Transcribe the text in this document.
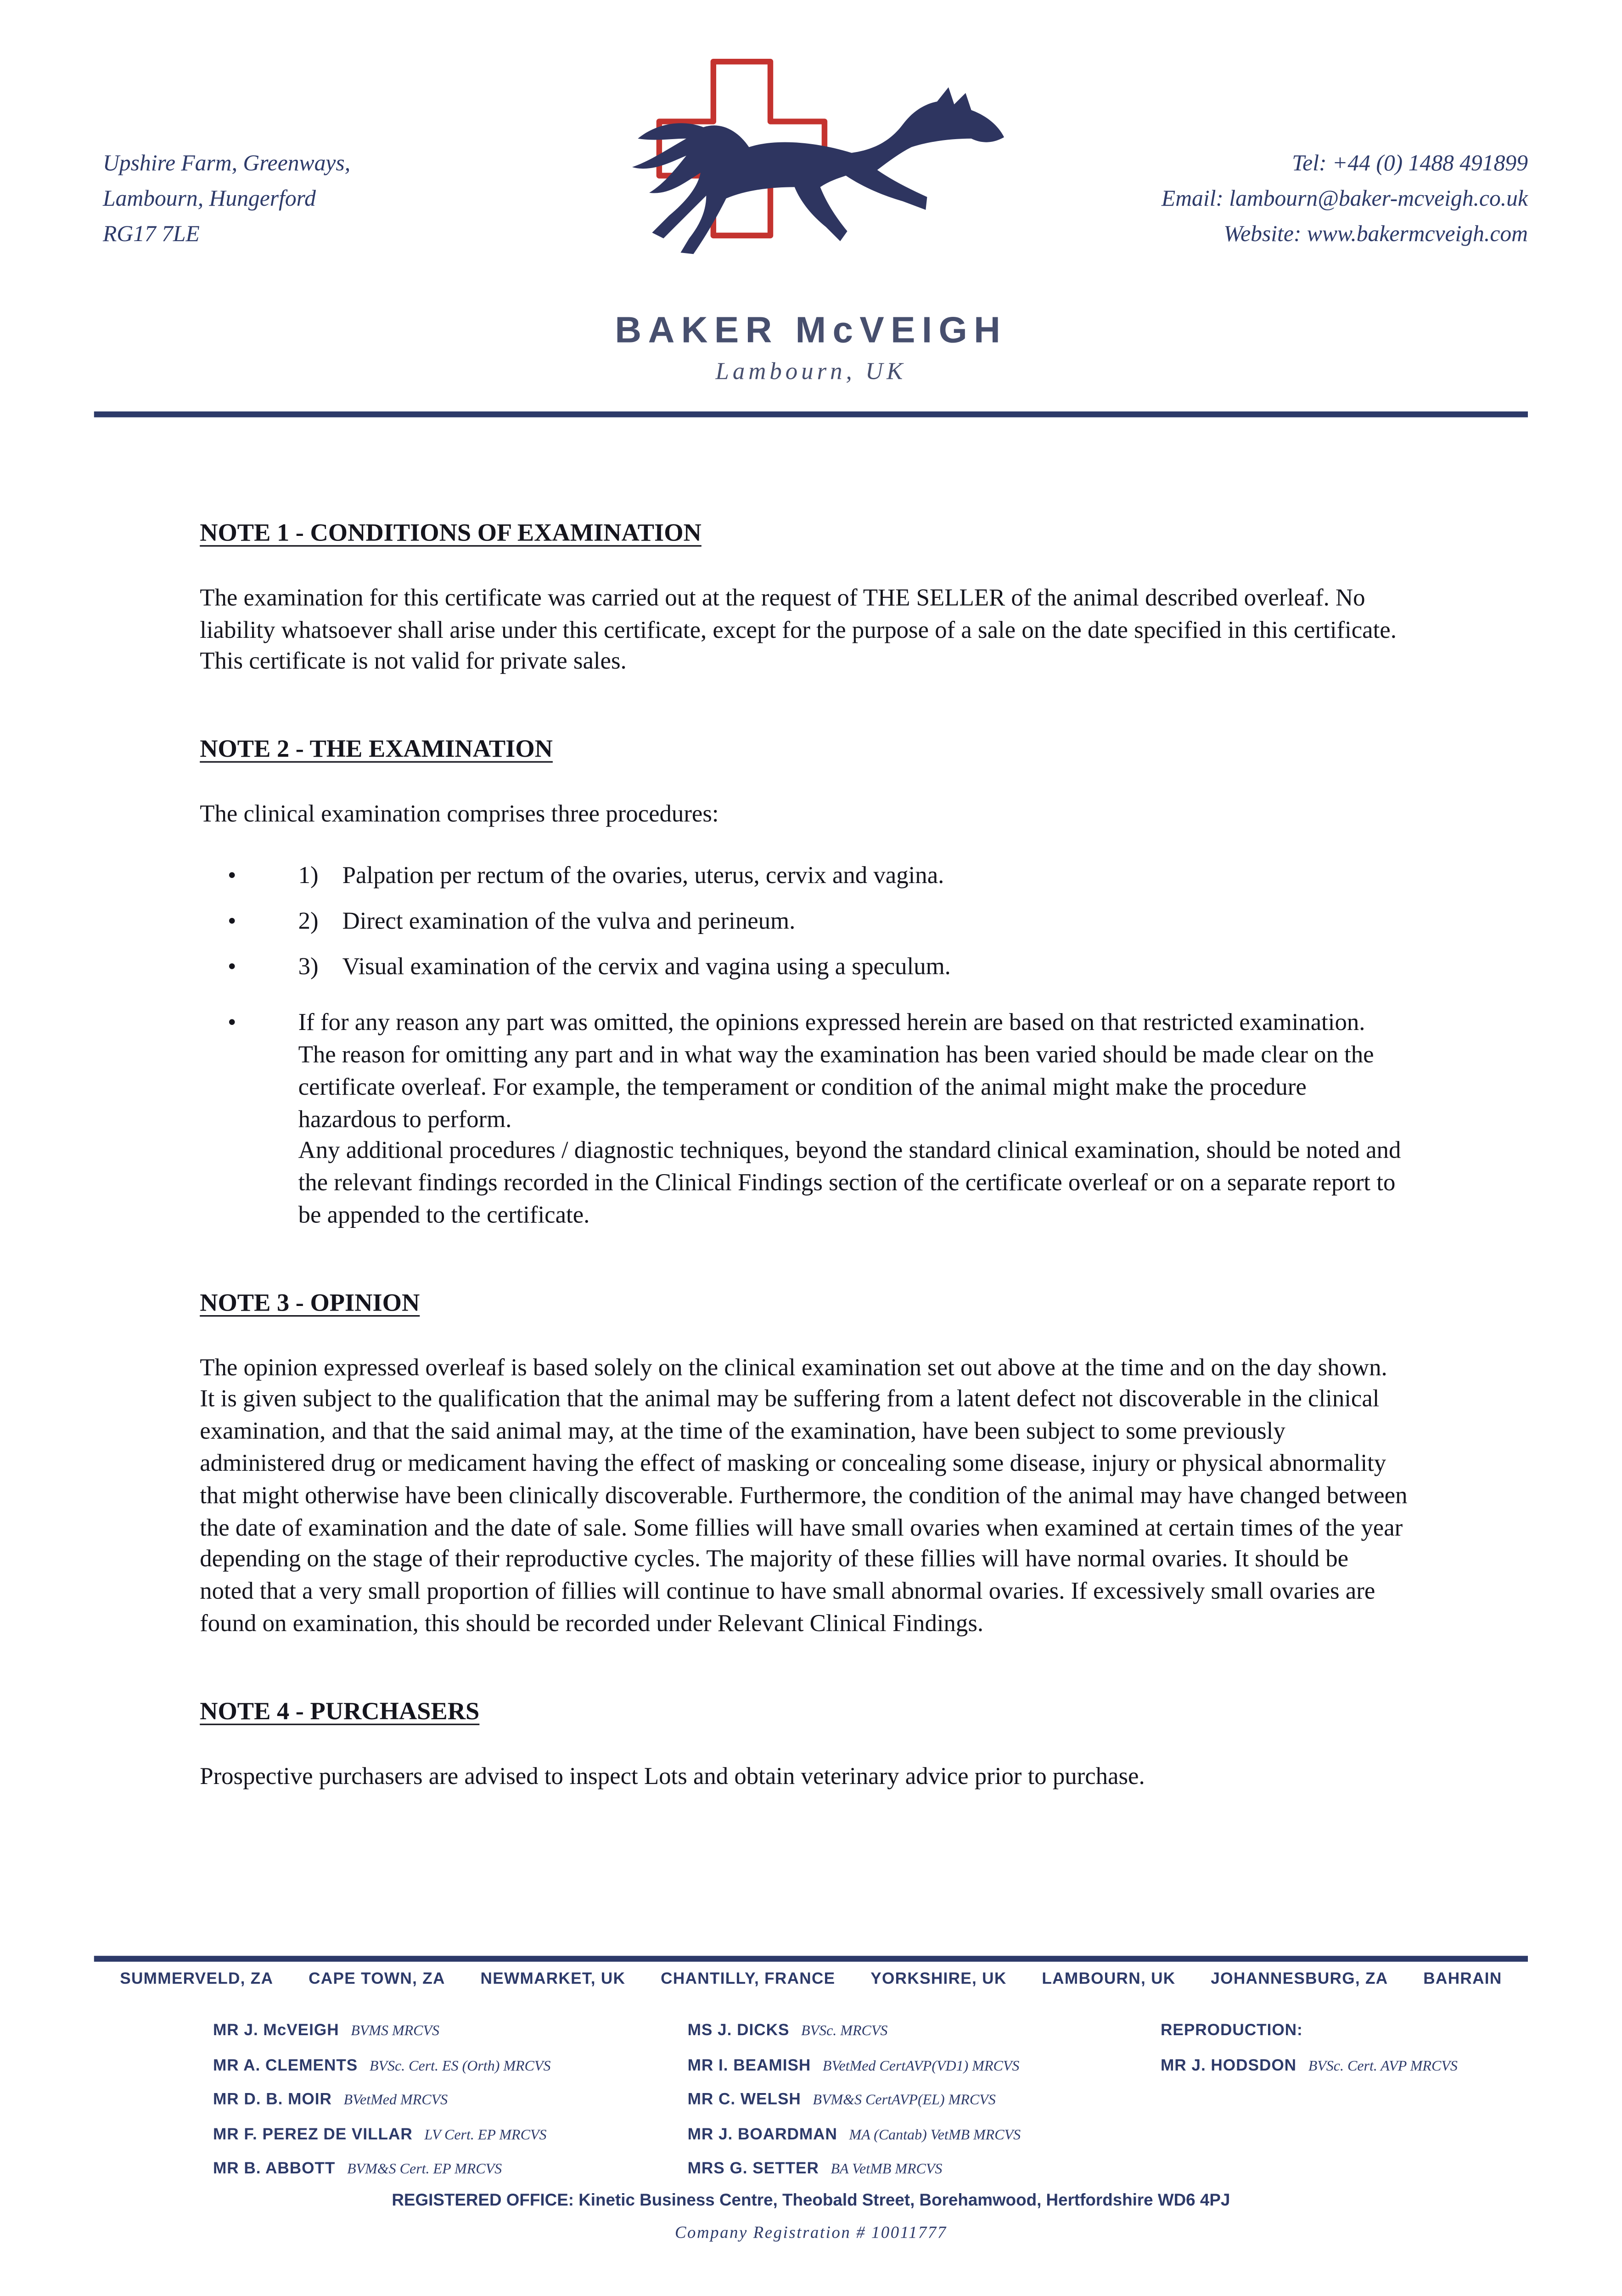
Upshire Farm, Greenways,
Lambourn, Hungerford
RG17 7LE
BAKER McVEIGH
Lambourn, UK
Tel: +44 (0) 1488 491899
Email: lambourn@baker-mcveigh.co.uk
Website: www.bakermcveigh.com
NOTE 1 - CONDITIONS OF EXAMINATION

The examination for this certificate was carried out at the request of THE SELLER of the animal described overleaf. No liability whatsoever shall arise under this certificate, except for the purpose of a sale on the date specified in this certificate. This certificate is not valid for private sales.

NOTE 2 - THE EXAMINATION

The clinical examination comprises three procedures:

•	1)	Palpation per rectum of the ovaries, uterus, cervix and vagina.
•	2)	Direct examination of the vulva and perineum.
•	3)	Visual examination of the cervix and vagina using a speculum.
•	If for any reason any part was omitted, the opinions expressed herein are based on that restricted examination. The reason for omitting any part and in what way the examination has been varied should be made clear on the certificate overleaf. For example, the temperament or condition of the animal might make the procedure hazardous to perform.

Any additional procedures / diagnostic techniques, beyond the standard clinical examination, should be noted and the relevant findings recorded in the Clinical Findings section of the certificate overleaf or on a separate report to be appended to the certificate.

NOTE 3 - OPINION

The opinion expressed overleaf is based solely on the clinical examination set out above at the time and on the day shown. It is given subject to the qualification that the animal may be suffering from a latent defect not discoverable in the clinical examination, and that the said animal may, at the time of the examination, have been subject to some previously administered drug or medicament having the effect of masking or concealing some disease, injury or physical abnormality that might otherwise have been clinically discoverable. Furthermore, the condition of the animal may have changed between the date of examination and the date of sale. Some fillies will have small ovaries when examined at certain times of the year depending on the stage of their reproductive cycles. The majority of these fillies will have normal ovaries. It should be noted that a very small proportion of fillies will continue to have small abnormal ovaries. If excessively small ovaries are found on examination, this should be recorded under Relevant Clinical Findings.

NOTE 4 - PURCHASERS

Prospective purchasers are advised to inspect Lots and obtain veterinary advice prior to purchase.

SUMMERVELD, ZA	CAPE TOWN, ZA	NEWMARKET, UK	CHANTILLY, FRANCE	YORKSHIRE, UK	LAMBOURN, UK	JOHANNESBURG, ZA	BAHRAIN
MR J. McVEIGH	BVMS MRCVS
MR A. CLEMENTS	BVSc. Cert. ES (Orth) MRCVS
MR D. B. MOIR	BVetMed MRCVS
MR F. PEREZ DE VILLAR	LV Cert. EP MRCVS
MR B. ABBOTT	BVM&S Cert. EP MRCVS
MS J. DICKS	BVSc. MRCVS
MR I. BEAMISH	BVetMed CertAVP(VD1) MRCVS
MR C. WELSH	BVM&S CertAVP(EL) MRCVS
MR J. BOARDMAN	MA (Cantab) VetMB MRCVS
MRS G. SETTER	BA VetMB MRCVS
REPRODUCTION:
MR J. HODSDON	BVSc. Cert. AVP MRCVS
REGISTERED OFFICE: Kinetic Business Centre, Theobald Street, Borehamwood, Hertfordshire WD6 4PJ
Company Registration # 10011777
